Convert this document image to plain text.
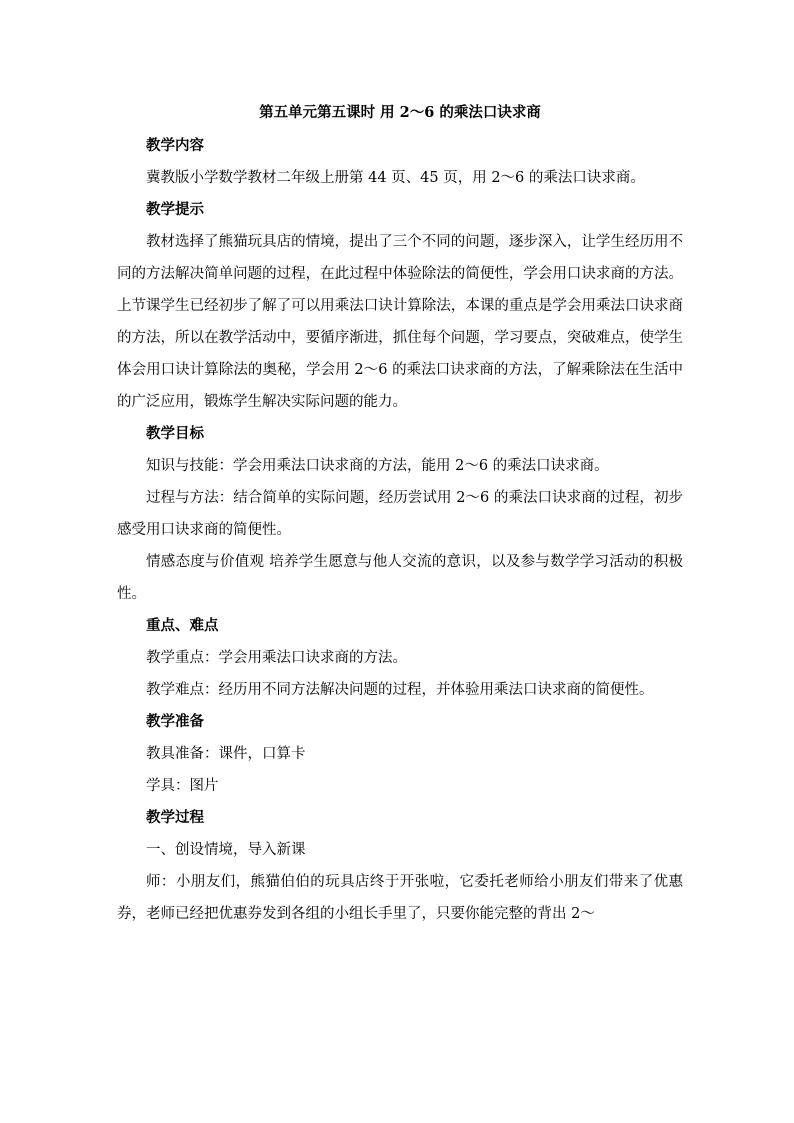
第五单元第五课时 用 2～6 的乘法口诀求商

教学内容

冀教版小学数学教材二年级上册第 44 页、45 页，用 2～6 的乘法口诀求商。

教学提示

教材选择了熊猫玩具店的情境，提出了三个不同的问题，逐步深入，让学生经历用不同的方法解决简单问题的过程，在此过程中体验除法的简便性，学会用口诀求商的方法。上节课学生已经初步了解了可以用乘法口诀计算除法，本课的重点是学会用乘法口诀求商的方法，所以在教学活动中，要循序渐进，抓住每个问题，学习要点，突破难点，使学生体会用口诀计算除法的奥秘，学会用 2～6 的乘法口诀求商的方法，了解乘除法在生活中的广泛应用，锻炼学生解决实际问题的能力。

教学目标

知识与技能：学会用乘法口诀求商的方法，能用 2～6 的乘法口诀求商。

过程与方法：结合简单的实际问题，经历尝试用 2～6 的乘法口诀求商的过程，初步感受用口诀求商的简便性。

情感态度与价值观 培养学生愿意与他人交流的意识，以及参与数学学习活动的积极性。

重点、难点

教学重点：学会用乘法口诀求商的方法。

教学难点：经历用不同方法解决问题的过程，并体验用乘法口诀求商的简便性。

教学准备

教具准备：课件，口算卡

学具：图片

教学过程

一、创设情境，导入新课

师：小朋友们，熊猫伯伯的玩具店终于开张啦，它委托老师给小朋友们带来了优惠券，老师已经把优惠券发到各组的小组长手里了，只要你能完整的背出 2～
